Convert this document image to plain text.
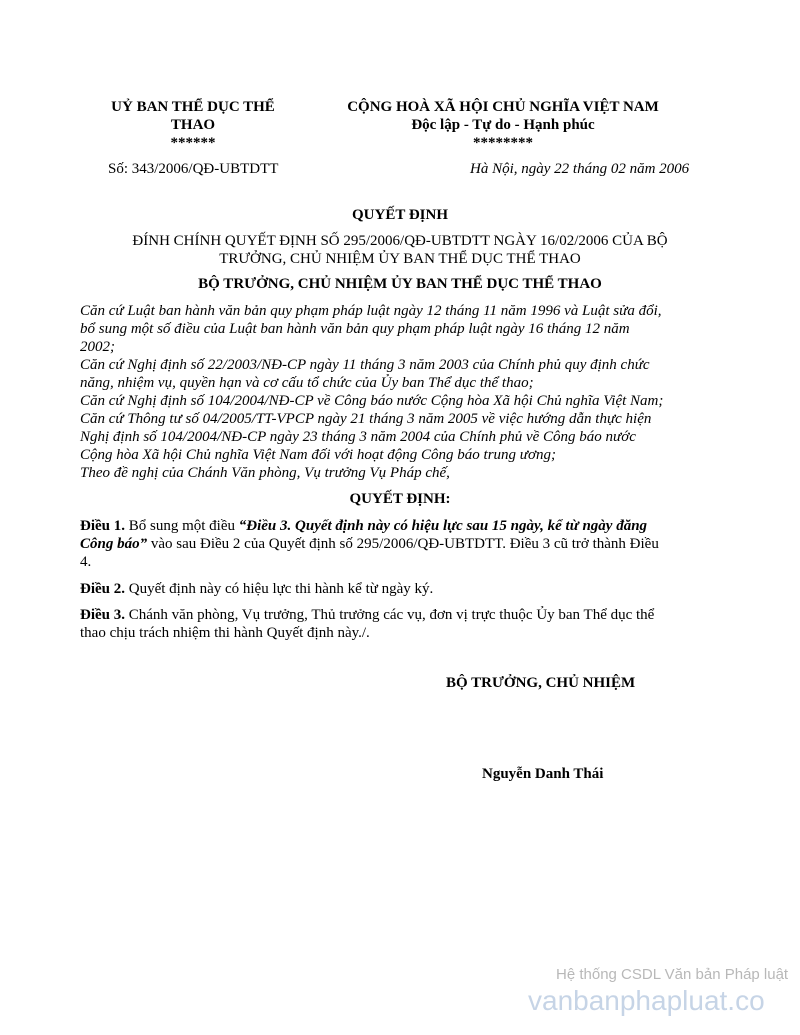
UỶ BAN THỂ DỤC THỂ
THAO
******
CỘNG HOÀ XÃ HỘI CHỦ NGHĨA VIỆT NAM
Độc lập - Tự do - Hạnh phúc
********
Số: 343/2006/QĐ-UBTDTT	Hà Nội, ngày 22 tháng 02 năm 2006
QUYẾT ĐỊNH
ĐÍNH CHÍNH QUYẾT ĐỊNH SỐ 295/2006/QĐ-UBTDTT NGÀY 16/02/2006 CỦA BỘ
TRƯỞNG, CHỦ NHIỆM ỦY BAN THỂ DỤC THỂ THAO
BỘ TRƯỞNG, CHỦ NHIỆM ỦY BAN THỂ DỤC THỂ THAO
Căn cứ Luật ban hành văn bản quy phạm pháp luật ngày 12 tháng 11 năm 1996 và Luật sửa đổi,
bổ sung một số điều của Luật ban hành văn bản quy phạm pháp luật ngày 16 tháng 12 năm
2002;
Căn cứ Nghị định số 22/2003/NĐ-CP ngày 11 tháng 3 năm 2003 của Chính phủ quy định chức
năng, nhiệm vụ, quyền hạn và cơ cấu tổ chức của Ủy ban Thể dục thể thao;
Căn cứ Nghị định số 104/2004/NĐ-CP về Công báo nước Cộng hòa Xã hội Chủ nghĩa Việt Nam;
Căn cứ Thông tư số 04/2005/TT-VPCP ngày 21 tháng 3 năm 2005 về việc hướng dẫn thực hiện
Nghị định số 104/2004/NĐ-CP ngày 23 tháng 3 năm 2004 của Chính phủ về Công báo nước
Cộng hòa Xã hội Chủ nghĩa Việt Nam đối với hoạt động Công báo trung ương;
Theo đề nghị của Chánh Văn phòng, Vụ trưởng Vụ Pháp chế,
QUYẾT ĐỊNH:
Điều 1. Bổ sung một điều “Điều 3. Quyết định này có hiệu lực sau 15 ngày, kể từ ngày đăng
Công báo” vào sau Điều 2 của Quyết định số 295/2006/QĐ-UBTDTT. Điều 3 cũ trở thành Điều
4.
Điều 2. Quyết định này có hiệu lực thi hành kể từ ngày ký.
Điều 3. Chánh văn phòng, Vụ trưởng, Thủ trưởng các vụ, đơn vị trực thuộc Ủy ban Thể dục thể
thao chịu trách nhiệm thi hành Quyết định này./.
BỘ TRƯỞNG, CHỦ NHIỆM
Nguyễn Danh Thái
Hệ thống CSDL Văn bản Pháp luật
vanbanphapluat.co
